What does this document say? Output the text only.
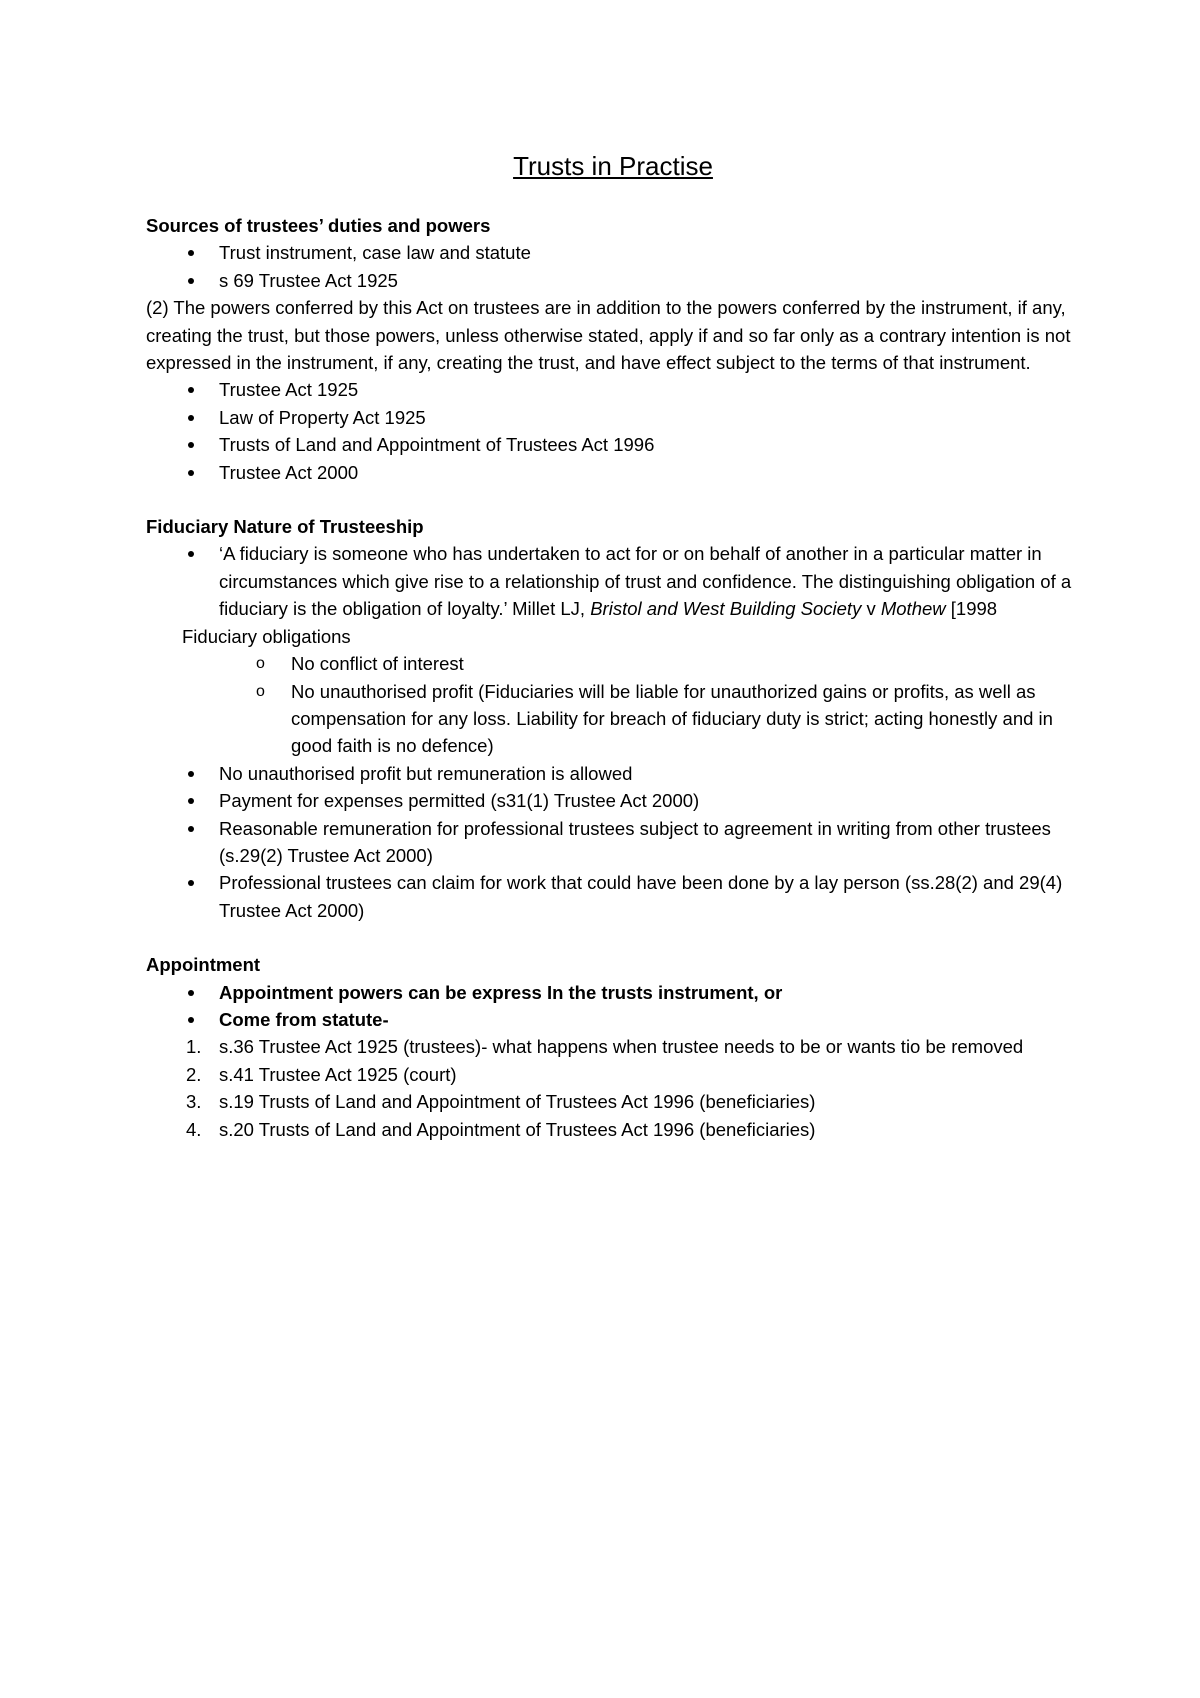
Trusts in Practise

Sources of trustees’ duties and powers

Trust instrument, case law and statute
s 69 Trustee Act 1925

(2) The powers conferred by this Act on trustees are in addition to the powers conferred by the instrument, if any, creating the trust, but those powers, unless otherwise stated, apply if and so far only as a contrary intention is not expressed in the instrument, if any, creating the trust, and have effect subject to the terms of that instrument.

Trustee Act 1925
Law of Property Act 1925
Trusts of Land and Appointment of Trustees Act 1996
Trustee Act 2000

Fiduciary Nature of Trusteeship

‘A fiduciary is someone who has undertaken to act for or on behalf of another in a particular matter in circumstances which give rise to a relationship of trust and confidence. The distinguishing obligation of a fiduciary is the obligation of loyalty.’ Millet LJ, Bristol and West Building Society v Mothew [1998

Fiduciary obligations

o No conflict of interest
o No unauthorised profit (Fiduciaries will be liable for unauthorized gains or profits, as well as compensation for any loss. Liability for breach of fiduciary duty is strict; acting honestly and in good faith is no defence)
No unauthorised profit but remuneration is allowed
Payment for expenses permitted (s31(1) Trustee Act 2000)
Reasonable remuneration for professional trustees subject to agreement in writing from other trustees (s.29(2) Trustee Act 2000)
Professional trustees can claim for work that could have been done by a lay person (ss.28(2) and 29(4) Trustee Act 2000)

Appointment

Appointment powers can be express In the trusts instrument, or
Come from statute-
1. s.36 Trustee Act 1925 (trustees)- what happens when trustee needs to be or wants tio be removed
2. s.41 Trustee Act 1925 (court)
3. s.19 Trusts of Land and Appointment of Trustees Act 1996 (beneficiaries)
4. s.20 Trusts of Land and Appointment of Trustees Act 1996 (beneficiaries)
